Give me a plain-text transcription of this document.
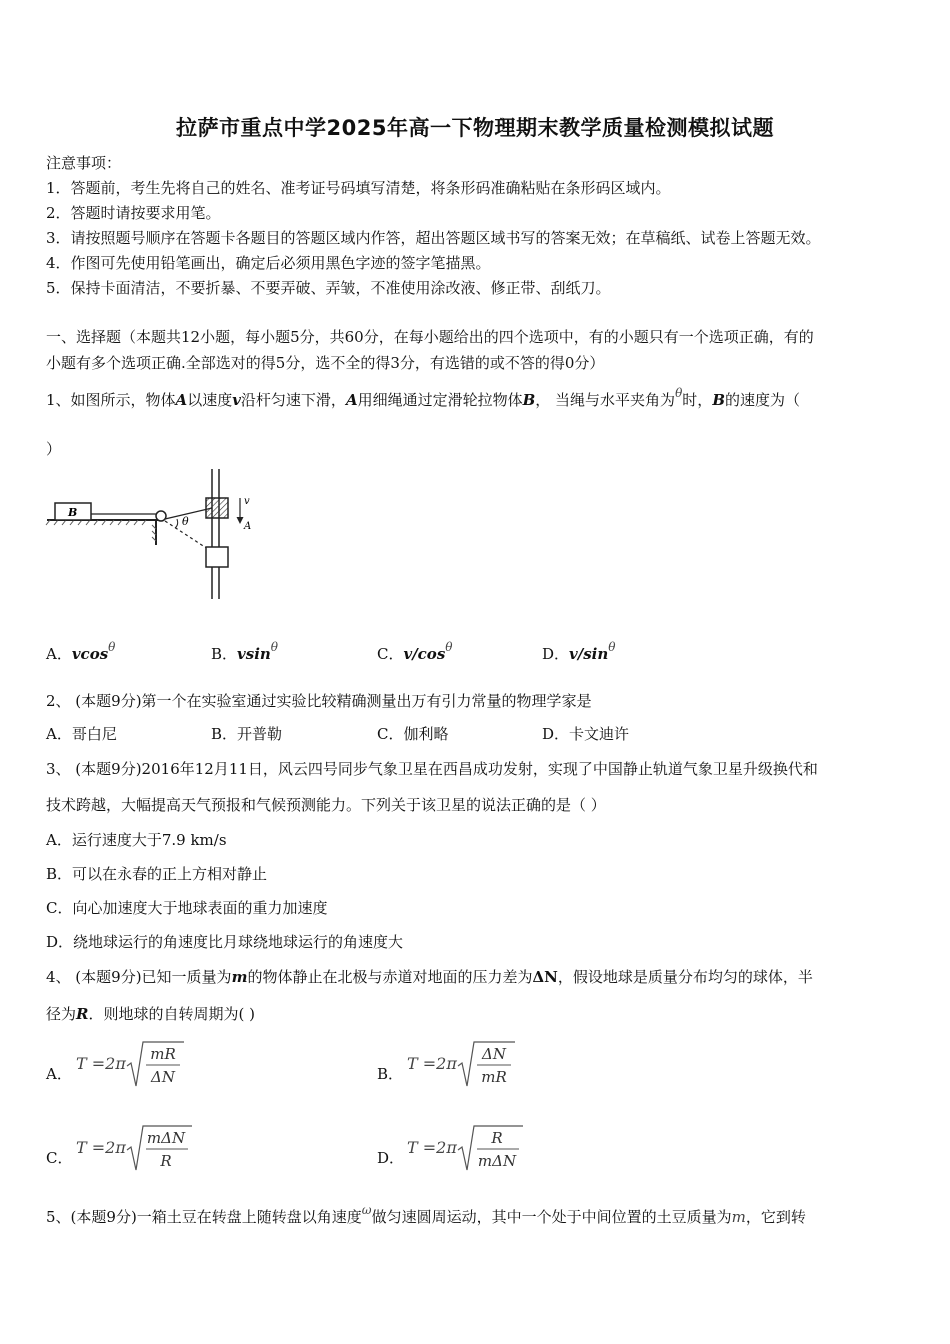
拉萨市重点中学2025年高一下物理期末教学质量检测模拟试题
注意事项：
1．答题前，考生先将自己的姓名、准考证号码填写清楚，将条形码准确粘贴在条形码区域内。
2．答题时请按要求用笔。
3．请按照题号顺序在答题卡各题目的答题区域内作答，超出答题区域书写的答案无效；在草稿纸、试卷上答题无效。
4．作图可先使用铅笔画出，确定后必须用黑色字迹的签字笔描黑。
5．保持卡面清洁，不要折暴、不要弄破、弄皱，不准使用涂改液、修正带、刮纸刀。
一、选择题（本题共12小题，每小题5分，共60分，在每小题给出的四个选项中，有的小题只有一个选项正确，有的
小题有多个选项正确.全部选对的得5分，选不全的得3分，有选错的或不答的得0分）
1、如图所示，物体A以速度v沿杆匀速下滑，A用细绳通过定滑轮拉物体B， 当绳与水平夹角为$^\theta$时，B的速度为（
）
B
θ
v
A
A．vcos$^\theta$	B．vsin$^\theta$	C．$v/\cos^\theta$	D．$v/\sin^\theta$
2、 (本题9分)第一个在实验室通过实验比较精确测量出万有引力常量的物理学家是
A．哥白尼	B．开普勒	C．伽利略	D．卡文迪许
3、 (本题9分)2016年12月11日，风云四号同步气象卫星在西昌成功发射，实现了中国静止轨道气象卫星升级换代和
技术跨越，大幅提高天气预报和气候预测能力。下列关于该卫星的说法正确的是（ ）
A．运行速度大于7.9 km/s
B．可以在永春的正上方相对静止
C．向心加速度大于地球表面的重力加速度
D．绕地球运行的角速度比月球绕地球运行的角速度大
4、 (本题9分)已知一质量为m的物体静止在北极与赤道对地面的压力差为ΔN，假设地球是质量分布均匀的球体，半
径为R．则地球的自转周期为( )
A．
T =2π mR
ΔN	B．
T =2π ΔN
mR
C．
T =2π mΔN
R	D．
T =2π R
mΔN
5、(本题9分)一箱土豆在转盘上随转盘以角速度$^\omega$做匀速圆周运动，其中一个处于中间位置的土豆质量为m，它到转
